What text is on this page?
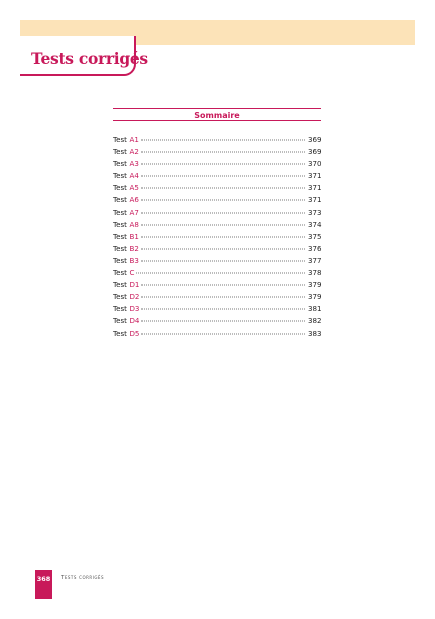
Tests corrigés
Sommaire
Test A1	369
Test A2	369
Test A3	370
Test A4	371
Test A5	371
Test A6	371
Test A7	373
Test A8	374
Test B1	375
Test B2	376
Test B3	377
Test C	378
Test D1	379
Test D2	379
Test D3	381
Test D4	382
Test D5	383
368	Tests corrigés
